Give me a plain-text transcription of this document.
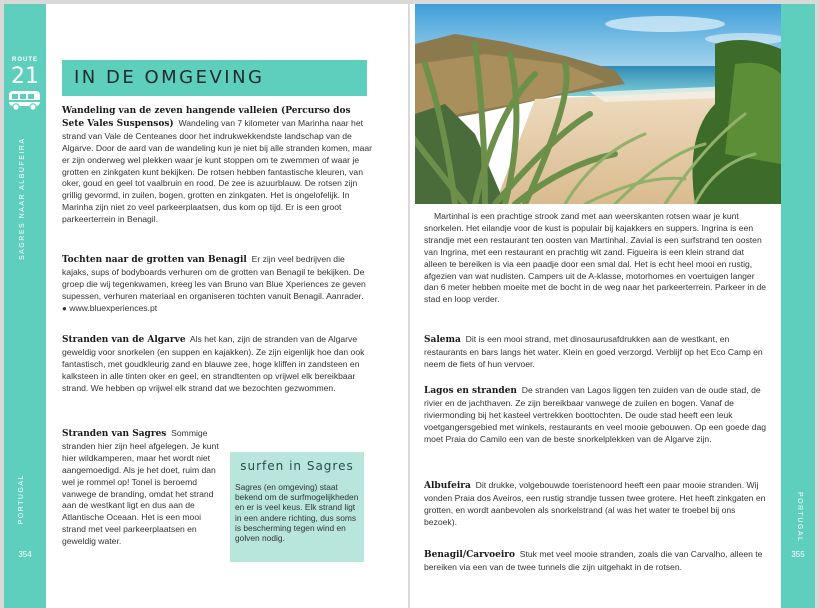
ROUTE
21
SAGRES NAAR ALBUFEIRA
PORTUGAL
354
IN DE OMGEVING
Wandeling van de zeven hangende valleien (Percurso dos Sete Vales Suspensos) Wandeling van 7 kilometer van Marinha naar het strand van Vale de Centeanes door het indrukwekkendste landschap van de Algarve. Door de aard van de wandeling kun je niet bij alle stranden komen, maar er zijn onderweg wel plekken waar je kunt stoppen om te zwemmen of waar je grotten en zinkgaten kunt bekijken. De rotsen hebben fantastische kleuren, van oker, goud en geel tot vaalbruin en rood. De zee is azuurblauw. De rotsen zijn grillig gevormd, in zuilen, bogen, grotten en zinkgaten. Het is ongelofelijk. In Marinha zijn niet zo veel parkeerplaatsen, dus kom op tijd. Er is een groot parkeerterrein in Benagil.
Tochten naar de grotten van Benagil Er zijn veel bedrijven die kajaks, sups of bodyboards verhuren om de grotten van Benagil te bekijken. De groep die wij tegenkwamen, kreeg les van Bruno van Blue Xperiences ze geven supessen, verhuren materiaal en organiseren tochten vanuit Benagil. Aanrader. ● www.bluexperiences.pt
Stranden van de Algarve Als het kan, zijn de stranden van de Algarve geweldig voor snorkelen (en suppen en kajakken). Ze zijn eigenlijk hoe dan ook fantastisch, met goudkleurig zand en blauwe zee, hoge kliffen in zandsteen en kalksteen in alle tinten oker en geel, en strandtenten op vrijwel elk bereikbaar strand. We hebben op vrijwel elk strand dat we bezochten gezwommen.
Stranden van Sagres Sommige stranden hier zijn heel afgelegen. Je kunt hier wildkamperen, maar het wordt niet aangemoedigd. Als je het doet, ruim dan wel je rommel op! Tonel is beroemd vanwege de branding, omdat het strand aan de westkant ligt en dus aan de Atlantische Oceaan. Het is een mooi strand met veel parkeerplaatsen en geweldig water.
surfen in Sagres
Sagres (en omgeving) staat bekend om de surfmogelijkheden en er is veel keus. Elk strand ligt in een andere richting, dus soms is bescherming tegen wind en golven nodig.
Martinhal is een prachtige strook zand met aan weerskanten rotsen waar je kunt snorkelen. Het eilandje voor de kust is populair bij kajakkers en suppers. Ingrina is een strandje met een restaurant ten oosten van Martinhal. Zavial is een surfstrand ten oosten van Ingrina, met een restaurant en prachtig wit zand. Figueira is een klein strand dat alleen te bereiken is via een paadje door een smal dal. Het is echt heel mooi en rustig, afgezien van wat nudisten. Campers uit de A-klasse, motorhomes en voertuigen langer dan 6 meter hebben moeite met de bocht in de weg naar het parkeerterrein. Parkeer in de stad en loop verder.
Salema Dit is een mooi strand, met dinosaurusafdrukken aan de westkant, en restaurants en bars langs het water. Klein en goed verzorgd. Verblijf op het Eco Camp en neem de fiets of hun vervoer.
Lagos en stranden De stranden van Lagos liggen ten zuiden van de oude stad, de rivier en de jachthaven. Ze zijn bereikbaar vanwege de zuilen en bogen. Vanaf de riviermonding bij het kasteel vertrekken boottochten. De oude stad heeft een leuk voetgangersgebied met winkels, restaurants en veel mooie gebouwen. Op een goede dag moet Praia do Camilo een van de beste snorkelplekken van de Algarve zijn.
Albufeira Dit drukke, volgebouwde toeristenoord heeft een paar mooie stranden. Wij vonden Praia dos Aveiros, een rustig strandje tussen twee grotere. Het heeft zinkgaten en grotten, en wordt aanbevolen als snorkelstrand (al was het water te troebel bij ons bezoek).
Benagil/Carvoeiro Stuk met veel mooie stranden, zoals die van Carvalho, alleen te bereiken via een van de twee tunnels die zijn uitgehakt in de rotsen.
PORTUGAL
355
